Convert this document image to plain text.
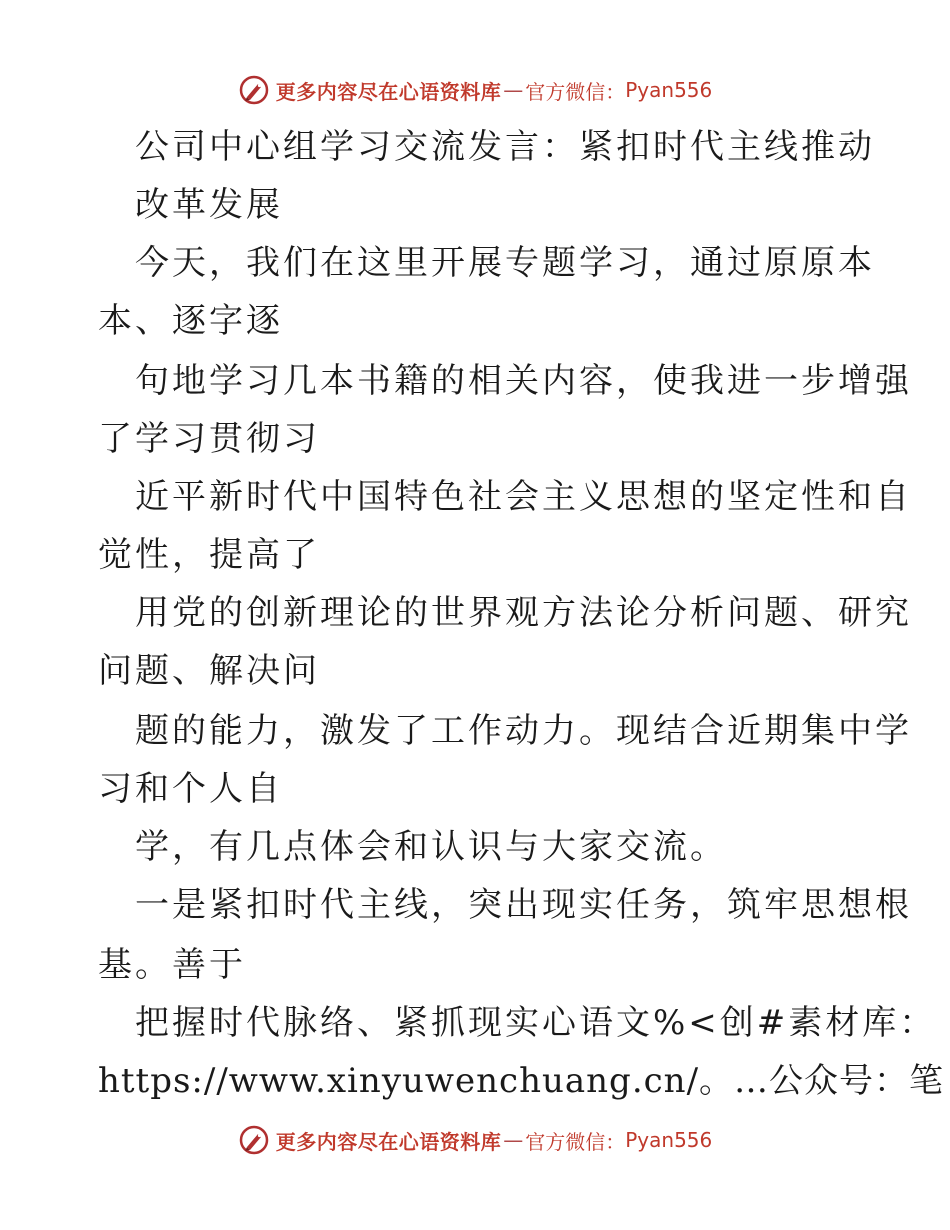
更多内容尽在心语资料库 — 官方微信： Pyan556
公司中心组学习交流发言：紧扣时代主线推动
改革发展
今天，我们在这里开展专题学习，通过原原本
本、逐字逐
句地学习几本书籍的相关内容，使我进一步增强
了学习贯彻习
近平新时代中国特色社会主义思想的坚定性和自
觉性，提高了
用党的创新理论的世界观方法论分析问题、研究
问题、解决问
题的能力，激发了工作动力。现结合近期集中学
习和个人自
学，有几点体会和认识与大家交流。
一是紧扣时代主线，突出现实任务，筑牢思想根
基。善于
把握时代脉络、紧抓现实心语文%<创#素材库：
https://www.xinyuwenchuang.cn/。…公众号：笔
更多内容尽在心语资料库 — 官方微信： Pyan556
